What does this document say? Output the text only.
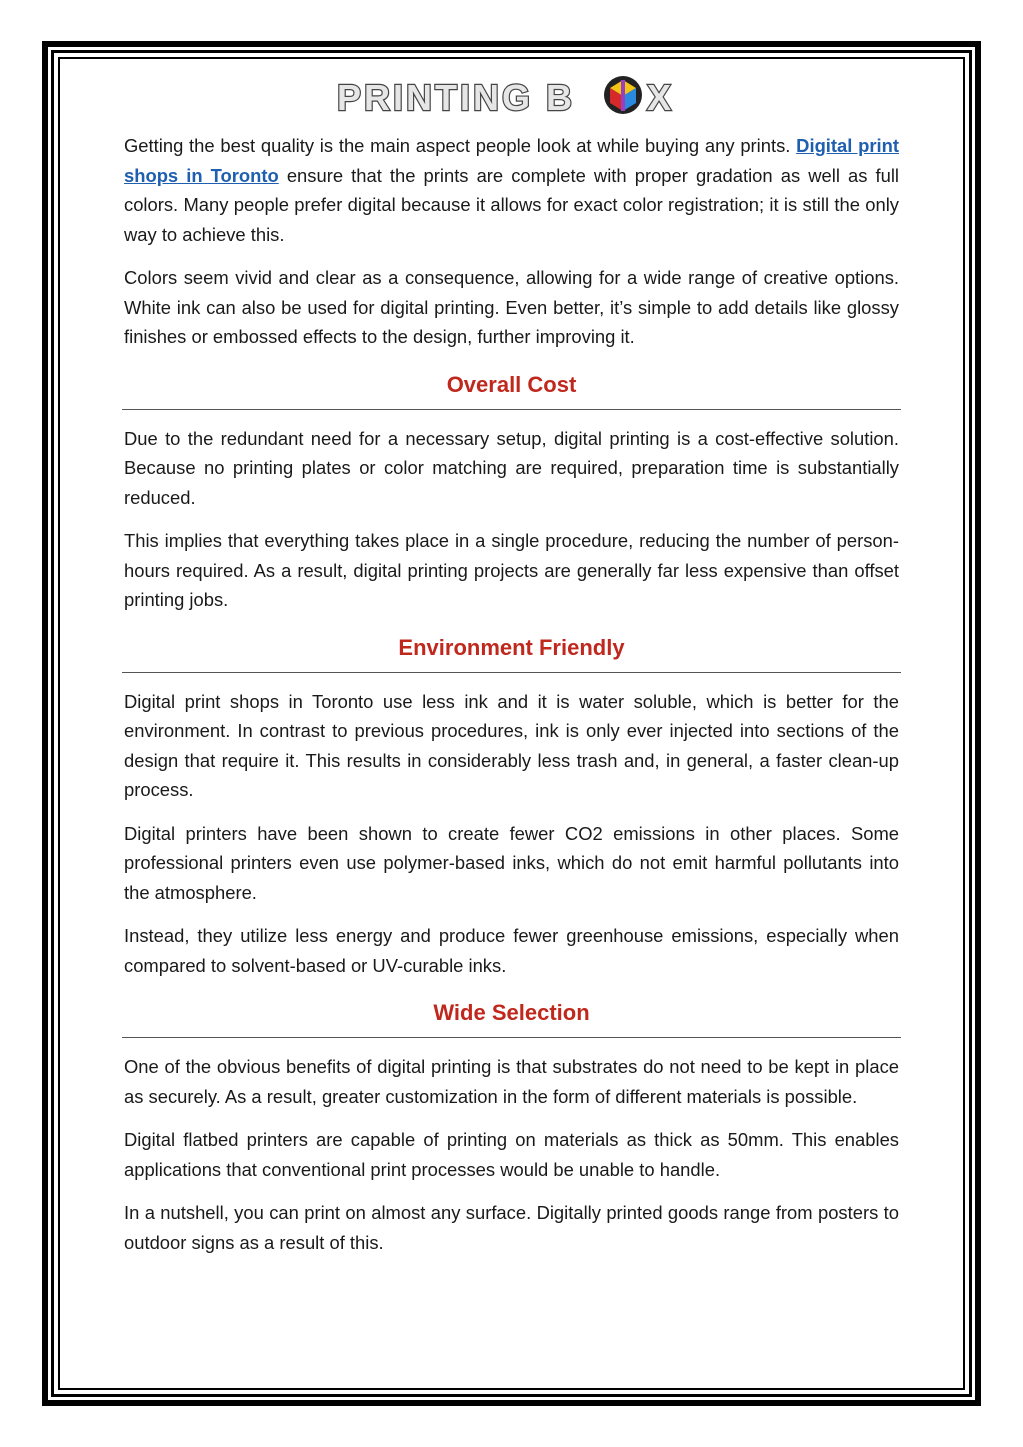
PRINTING B X

Getting the best quality is the main aspect people look at while buying any prints. Digital print shops in Toronto ensure that the prints are complete with proper gradation as well as full colors. Many people prefer digital because it allows for exact color registration; it is still the only way to achieve this.

Colors seem vivid and clear as a consequence, allowing for a wide range of creative options. White ink can also be used for digital printing. Even better, it’s simple to add details like glossy finishes or embossed effects to the design, further improving it.

Overall Cost

Due to the redundant need for a necessary setup, digital printing is a cost-effective solution. Because no printing plates or color matching are required, preparation time is substantially reduced.

This implies that everything takes place in a single procedure, reducing the number of person-hours required. As a result, digital printing projects are generally far less expensive than offset printing jobs.

Environment Friendly

Digital print shops in Toronto use less ink and it is water soluble, which is better for the environment. In contrast to previous procedures, ink is only ever injected into sections of the design that require it. This results in considerably less trash and, in general, a faster clean-up process.

Digital printers have been shown to create fewer CO2 emissions in other places. Some professional printers even use polymer-based inks, which do not emit harmful pollutants into the atmosphere.

Instead, they utilize less energy and produce fewer greenhouse emissions, especially when compared to solvent-based or UV-curable inks.

Wide Selection

One of the obvious benefits of digital printing is that substrates do not need to be kept in place as securely. As a result, greater customization in the form of different materials is possible.

Digital flatbed printers are capable of printing on materials as thick as 50mm. This enables applications that conventional print processes would be unable to handle.

In a nutshell, you can print on almost any surface. Digitally printed goods range from posters to outdoor signs as a result of this.
